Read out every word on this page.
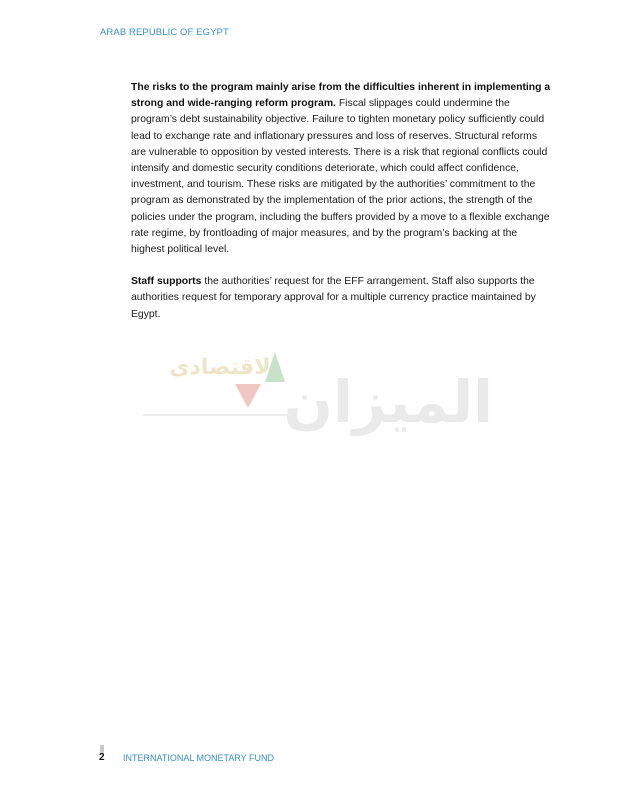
ARAB REPUBLIC OF EGYPT

The risks to the program mainly arise from the difficulties inherent in implementing a strong and wide-ranging reform program. Fiscal slippages could undermine the program’s debt sustainability objective. Failure to tighten monetary policy sufficiently could lead to exchange rate and inflationary pressures and loss of reserves. Structural reforms are vulnerable to opposition by vested interests. There is a risk that regional conflicts could intensify and domestic security conditions deteriorate, which could affect confidence, investment, and tourism. These risks are mitigated by the authorities’ commitment to the program as demonstrated by the implementation of the prior actions, the strength of the policies under the program, including the buffers provided by a move to a flexible exchange rate regime, by frontloading of major measures, and by the program’s backing at the highest political level.

Staff supports the authorities’ request for the EFF arrangement. Staff also supports the authorities request for temporary approval for a multiple currency practice maintained by Egypt.

الاقتصادى
الميزان
2 INTERNATIONAL MONETARY FUND
